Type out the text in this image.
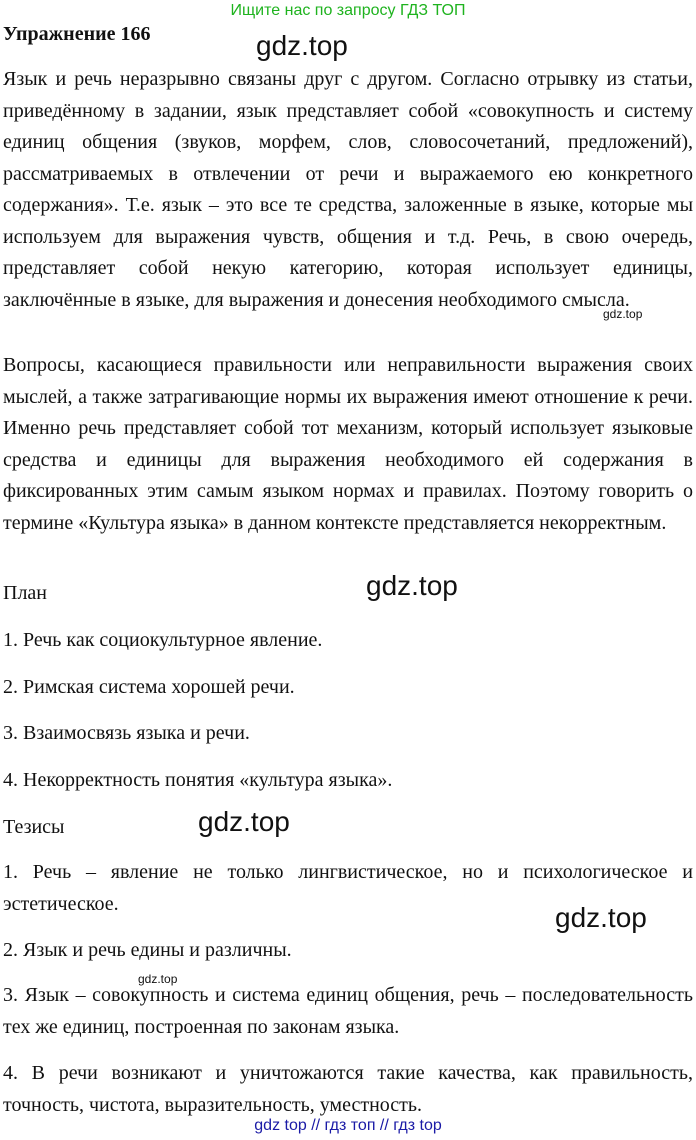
Ищите нас по запросу ГДЗ ТОП
Упражнение 166	gdz.top

Язык и речь неразрывно связаны друг с другом. Согласно отрывку из статьи, приведённому в задании, язык представляет собой «совокупность и систему единиц общения (звуков, морфем, слов, словосочетаний, предложений), рассматриваемых в отвлечении от речи и выражаемого ею конкретного содержания». Т.е. язык – это все те средства, заложенные в языке, которые мы используем для выражения чувств, общения и т.д. Речь, в свою очередь, представляет собой некую категорию, которая использует единицы, заключённые в языке, для выражения и донесения необходимого смысла.

gdz.top

Вопросы, касающиеся правильности или неправильности выражения своих мыслей, а также затрагивающие нормы их выражения имеют отношение к речи. Именно речь представляет собой тот механизм, который использует языковые средства и единицы для выражения необходимого ей содержания в фиксированных этим самым языком нормах и правилах. Поэтому говорить о термине «Культура языка» в данном контексте представляется некорректным.

План	gdz.top
1. Речь как социокультурное явление.
2. Римская система хорошей речи.
3. Взаимосвязь языка и речи.
4. Некорректность понятия «культура языка».
Тезисы	gdz.top

1. Речь – явление не только лингвистическое, но и психологическое и эстетическое.	gdz.top
2. Язык и речь едины и различны.
gdz.top

3. Язык – совокупность и система единиц общения, речь – последовательность тех же единиц, построенная по законам языка.

4. В речи возникают и уничтожаются такие качества, как правильность, точность, чистота, выразительность, уместность.

gdz top // гдз топ // гдз top
